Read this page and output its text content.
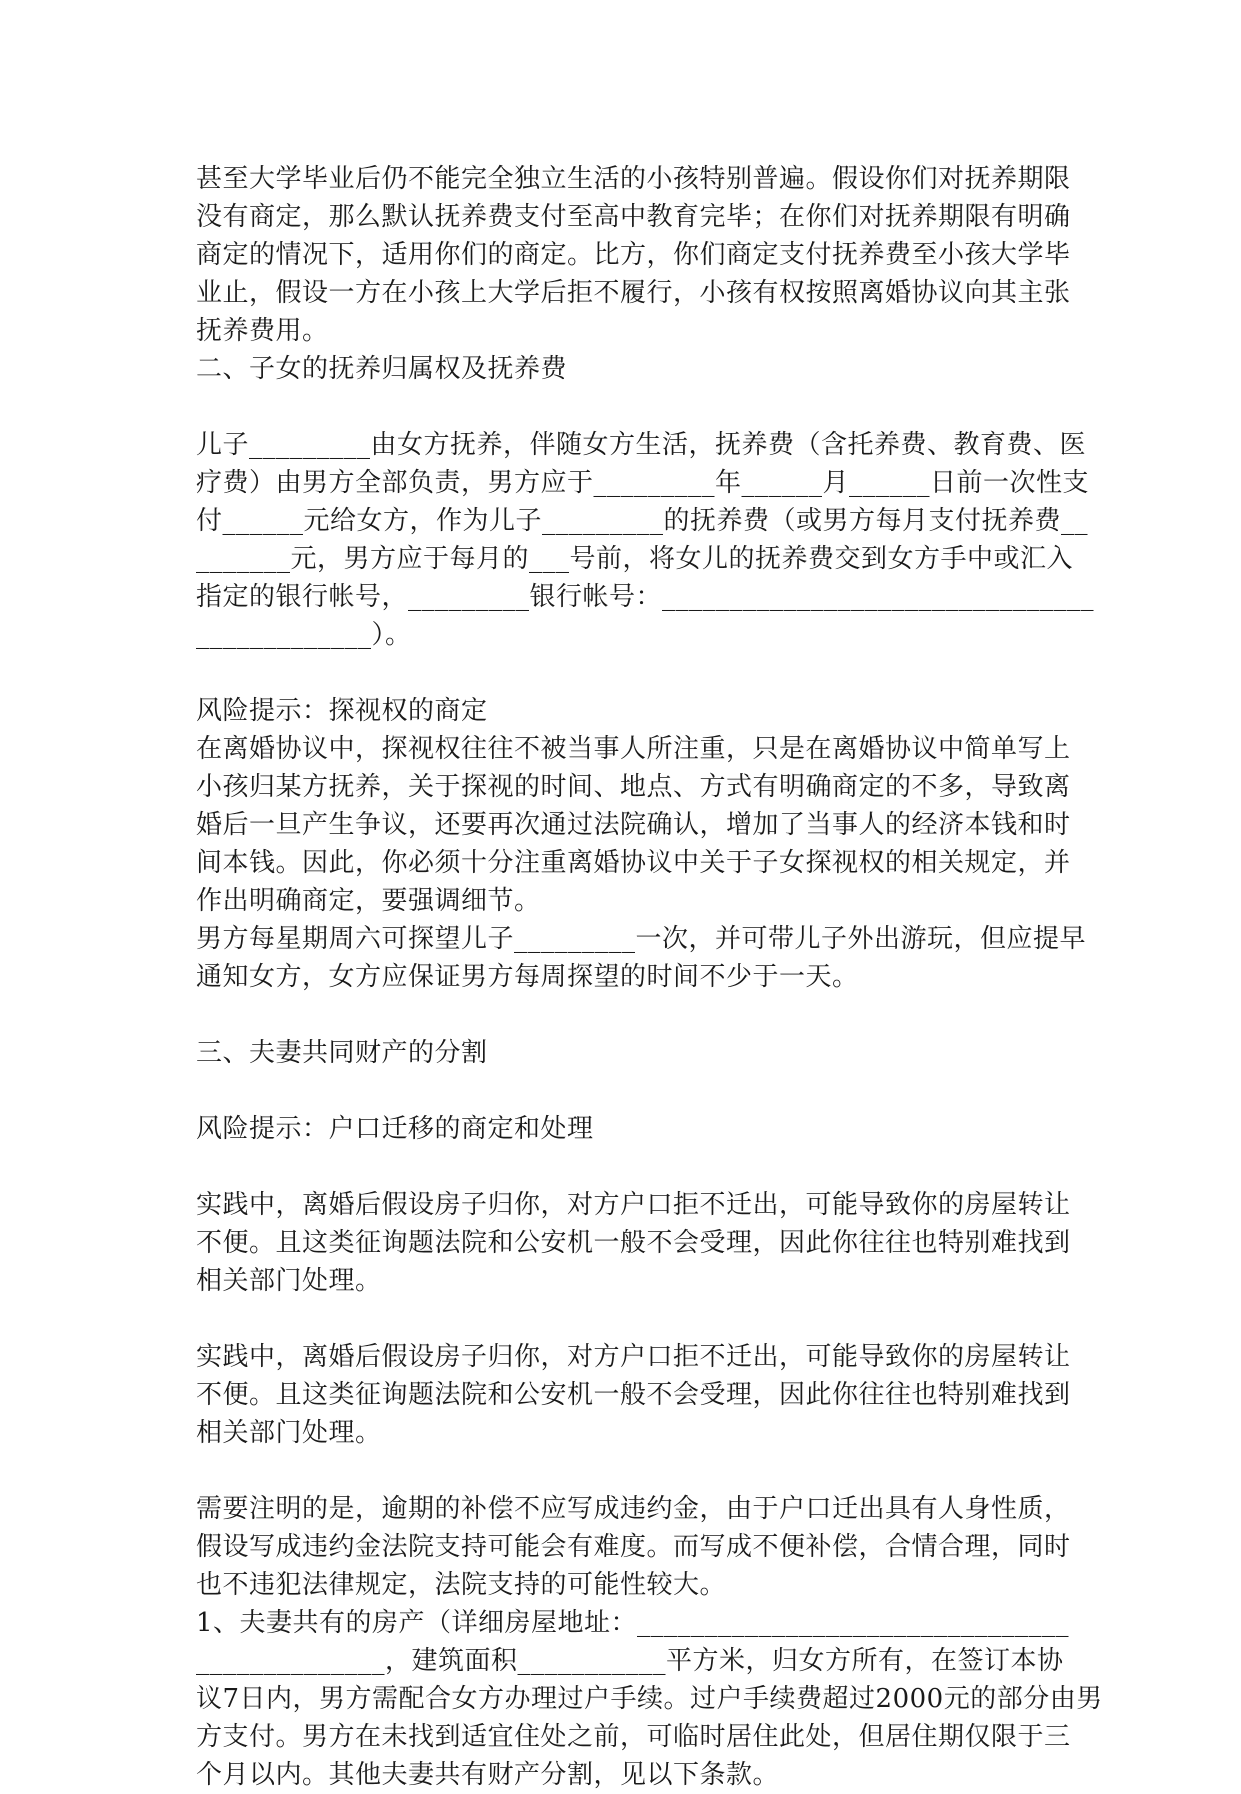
甚至大学毕业后仍不能完全独立生活的小孩特别普遍。假设你们对抚养期限
没有商定，那么默认抚养费支付至高中教育完毕；在你们对抚养期限有明确
商定的情况下，适用你们的商定。比方，你们商定支付抚养费至小孩大学毕
业止，假设一方在小孩上大学后拒不履行，小孩有权按照离婚协议向其主张
抚养费用。
二、子女的抚养归属权及抚养费
儿子_________由女方抚养，伴随女方生活，抚养费（含托养费、教育费、医
疗费）由男方全部负责，男方应于_________年______月______日前一次性支
付______元给女方，作为儿子_________的抚养费（或男方每月支付抚养费__
_______元，男方应于每月的___号前，将女儿的抚养费交到女方手中或汇入
指定的银行帐号，_________银行帐号：________________________________
_____________）。
风险提示：探视权的商定
在离婚协议中，探视权往往不被当事人所注重，只是在离婚协议中简单写上
小孩归某方抚养，关于探视的时间、地点、方式有明确商定的不多，导致离
婚后一旦产生争议，还要再次通过法院确认，增加了当事人的经济本钱和时
间本钱。因此，你必须十分注重离婚协议中关于子女探视权的相关规定，并
作出明确商定，要强调细节。
男方每星期周六可探望儿子_________一次，并可带儿子外出游玩，但应提早
通知女方，女方应保证男方每周探望的时间不少于一天。
三、夫妻共同财产的分割
风险提示：户口迁移的商定和处理
实践中，离婚后假设房子归你，对方户口拒不迁出，可能导致你的房屋转让
不便。且这类征询题法院和公安机一般不会受理，因此你往往也特别难找到
相关部门处理。
实践中，离婚后假设房子归你，对方户口拒不迁出，可能导致你的房屋转让
不便。且这类征询题法院和公安机一般不会受理，因此你往往也特别难找到
相关部门处理。
需要注明的是，逾期的补偿不应写成违约金，由于户口迁出具有人身性质，
假设写成违约金法院支持可能会有难度。而写成不便补偿，合情合理，同时
也不违犯法律规定，法院支持的可能性较大。
1、夫妻共有的房产（详细房屋地址：________________________________
______________，建筑面积___________平方米，归女方所有，在签订本协
议7日内，男方需配合女方办理过户手续。过户手续费超过2000元的部分由男
方支付。男方在未找到适宜住处之前，可临时居住此处，但居住期仅限于三
个月以内。其他夫妻共有财产分割，见以下条款。
